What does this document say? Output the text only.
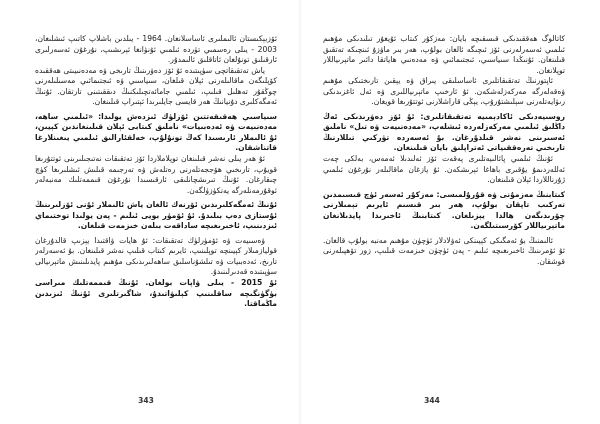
ئۆزبېكىستان ئالىملىرى ئاساسلانغان. 1964 - يىلدىن باشلاپ كاتىپ ئىشلىغان، 2003 - يىلى رەسمىي تۈردە ئىلمىي ئۇنۋانغا ئېرىشىپ، نۇرغۇن ئەسەرلىرى ئارقىلىق تونۇلغان ئاتاقلىق ئالىمدۇر.

ياش تەتقىقاتچى سۈپىتىدە ئۇ ئۆز دەۋرىنىڭ تارىخى ۋە مەدەنىيىتى ھەققىدە كۆپلىگەن ماقالىلەرنى ئېلان قىلغان، سىياسىي ۋە ئىجتىمائىي مەسىلىلەرنى چوڭقۇر تەھلىل قىلىپ، ئىلمىي جامائەتچىلىكنىڭ دىققىتىنى تارتقان. ئۇنىڭ ئەمگەكلىرى دۇنيانىڭ ھەر قايسى جايلىرىدا ئېتىراپ قىلىنغان.

سىياسىي ھەقىقەتتىن ئۆزلۈك ئىزدەش يولىدا: «ئىلمىي ساھە، مەدەنىيەت ۋە ئەدەبىيات» ناملىق كىتابى ئېلان قىلىنغاندىن كېيىن، ئۇ ئالىملار ئارىسىدا كەڭ تونۇلۇپ، خەلقئارالىق ئىلمىي يىغىنلارغا قاتناشقان.

ئۇ ھەر يىلى نەشر قىلىنغان توپلاملاردا ئۆز تەتقىقات نەتىجىلىرىنى ئوتتۇرىغا قويۇپ، تارىخىي ھۆججەتلەرنى رەتلەش ۋە تەرجىمە قىلىش ئىشلىرىغا كۈچ چىقارغان. ئۇنىڭ تىرىشچانلىقى ئارقىسىدا نۇرغۇن قىممەتلىك مەنبەلەر ئوقۇرمەنلەرگە يەتكۈزۈلگەن.

ئۇنىڭ ئەمگەكلىرىدىن ئۆرنەك ئالغان ياش ئالىملار ئۇنى ئۆزلىرىنىڭ ئۇستازى دەپ بىلىدۇ. ئۇ ئۆمۈر بويى ئىلىم - پەن يولىدا توختىماي ئىزدىنىپ، ئاخىرىغىچە ساداقەت بىلەن خىزمەت قىلغان.

ۋەسىيەت ۋە ئۆمۈرلۈك تەتقىقات: ئۇ ھايات ۋاقتىدا يېزىپ قالدۇرغان قوليازمىلار كېيىنچە توپلىنىپ، ئايرىم كىتاب قىلىپ نەشر قىلىنغان. بۇ ئەسەرلەر تارىخ، ئەدەبىيات ۋە تىلشۇناسلىق ساھەلىرىدىكى مۇھىم پايدىلىنىش ماتېرىيالى سۈپىتىدە قەدىرلىنىدۇ.

ئۇ 2015 - يىلى ۋاپات بولغان. ئۇنىڭ قىممەتلىك مىراسى بۈگۈنگىچە ساقلىنىپ كېلىۋاتىدۇ، شاگىرتلىرى ئۇنىڭ ئىزىدىن ماڭماقتا.

كاتالوگ ھەققىدىكى قىسقىچە بايان: مەزكۇر كىتاب ئۇيغۇر تىلىدىكى مۇھىم ئىلمىي ئەسەرلەرنى ئۆز ئىچىگە ئالغان بولۇپ، ھەر بىر ماۋزۇ ئىنچىكە تەتقىق قىلىنغان. ئۇنىڭدا سىياسىي، ئىجتىمائىي ۋە مەدەنىي ھاياتقا دائىر ماتېرىياللار توپلانغان.

ئاپتورنىڭ تەتقىقاتلىرى ئاساسلىقى يىراق ۋە يېقىن تارىختىكى مۇھىم ۋەقەلەرگە مەركەزلەشكەن. ئۇ ئارخىپ ماتېرىياللىرى ۋە ئەل ئاغزىدىكى رىۋايەتلەرنى سېلىشتۇرۇپ، يېڭى قاراشلارنى ئوتتۇرىغا قويغان.

روسىيەدىكى ئاكادېمىيە تەتقىقاتلىرى: ئۇ ئۆز دەۋرىدىكى ئەڭ داڭلىق ئىلمىي مەركەزلەردە ئىشلەپ، «مەدەنىيەت ۋە تىل» ناملىق ئەسىرىنى نەشر قىلدۇرغان. بۇ ئەسەردە تۈركىي تىللارنىڭ تارىخىي تەرەققىياتى ئەتراپلىق بايان قىلىنغان.

ئۇنىڭ ئىلمىي پائالىيەتلىرى پەقەت ئۆز ئەلىدىلا ئەمەس، بەلكى چەت ئەللەردىمۇ يۇقىرى باھاغا ئېرىشكەن. ئۇ يازغان ماقالىلەر نۇرغۇن ئىلمىي ژۇرناللاردا ئېلان قىلىنغان.

كىتابنىڭ مەزمۇنى ۋە قۇرۇلمىسى: مەزكۇر ئەسەر ئۈچ قىسىمدىن تەركىب تاپقان بولۇپ، ھەر بىر قىسىم ئايرىم تېمىلارنى چۆرىدىگەن ھالدا يېزىلغان. كىتابنىڭ ئاخىرىدا پايدىلانغان ماتېرىياللار كۆرسىتىلگەن.

ئالىمنىڭ بۇ ئەمگىكى كېيىنكى ئەۋلادلار ئۈچۈن مۇھىم مەنبە بولۇپ قالغان. ئۇ ئۆمرىنىڭ ئاخىرىغىچە ئىلىم - پەن ئۈچۈن خىزمەت قىلىپ، زور تۆھپىلەرنى قوشقان.

343	344
